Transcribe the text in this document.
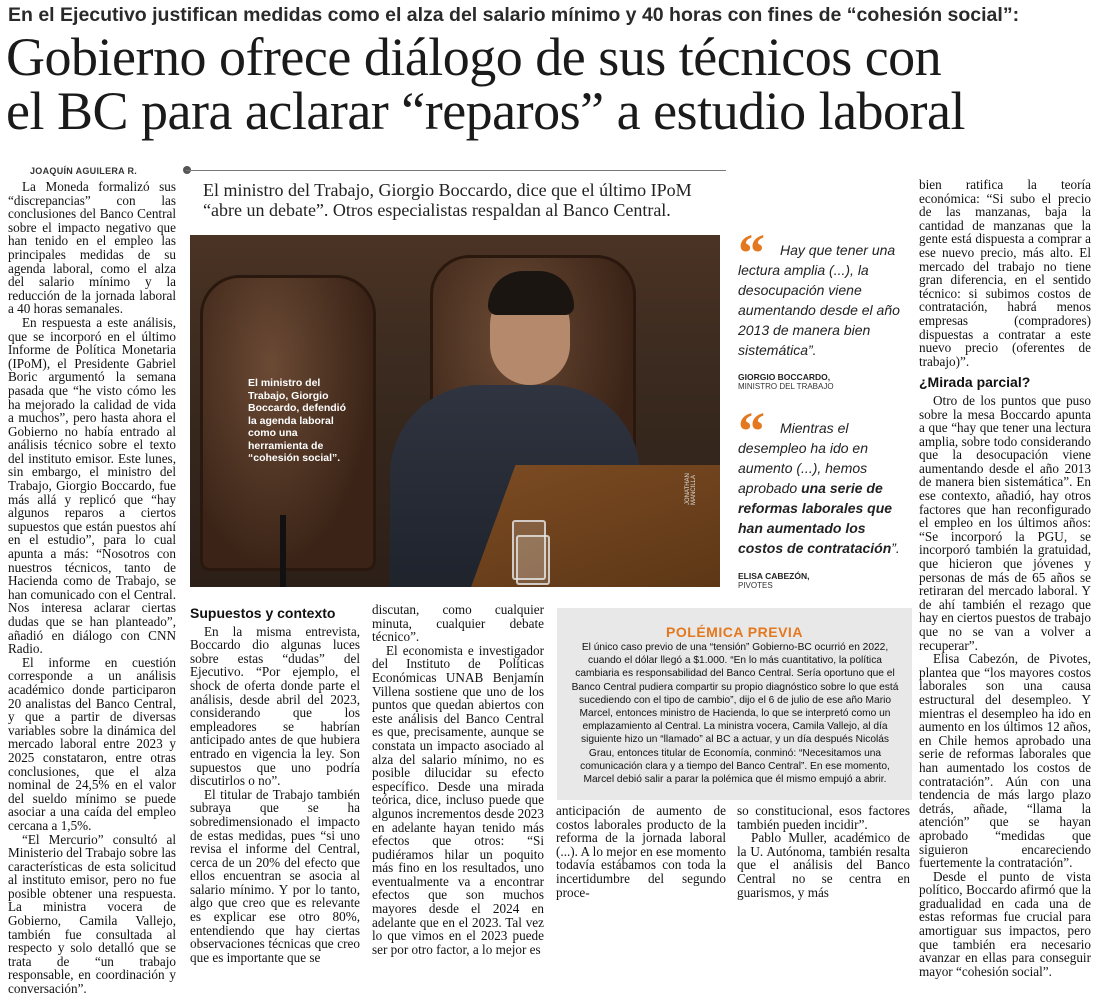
En el Ejecutivo justifican medidas como el alza del salario mínimo y 40 horas con fines de “cohesión social”:
Gobierno ofrece diálogo de sus técnicos con
el BC para aclarar “reparos” a estudio laboral
JOAQUÍN AGUILERA R.
El ministro del Trabajo, Giorgio Boccardo, dice que el último IPoM “abre un debate”. Otros especialistas respaldan al Banco Central.

La Moneda formalizó sus “discrepancias” con las conclusiones del Banco Central sobre el impacto negativo que han tenido en el empleo las principales medidas de su agenda laboral, como el alza del salario mínimo y la reducción de la jornada laboral a 40 horas semanales.

En respuesta a este análisis, que se incorporó en el último Informe de Política Monetaria (IPoM), el Presidente Gabriel Boric argumentó la semana pasada que “he visto cómo les ha mejorado la calidad de vida a muchos”, pero hasta ahora el Gobierno no había entrado al análisis técnico sobre el texto del instituto emisor. Este lunes, sin embargo, el ministro del Trabajo, Giorgio Boccardo, fue más allá y replicó que “hay algunos reparos a ciertos supuestos que están puestos ahí en el estudio”, para lo cual apunta a más: “Nosotros con nuestros técnicos, tanto de Hacienda como de Trabajo, se han comunicado con el Central. Nos interesa aclarar ciertas dudas que se han planteado”, añadió en diálogo con CNN Radio.

El informe en cuestión corresponde a un análisis académico donde participaron 20 analistas del Banco Central, y que a partir de diversas variables sobre la dinámica del mercado laboral entre 2023 y 2025 constataron, entre otras conclusiones, que el alza nominal de 24,5% en el valor del sueldo mínimo se puede asociar a una caída del empleo cercana a 1,5%.

“El Mercurio” consultó al Ministerio del Trabajo sobre las características de esta solicitud al instituto emisor, pero no fue posible obtener una respuesta. La ministra vocera de Gobierno, Camila Vallejo, también fue consultada al respecto y solo detalló que se trata de “un trabajo responsable, en coordinación y conversación”.

El ministro del Trabajo, Giorgio Boccardo, defendió la agenda laboral como una herramienta de “cohesión social”.
JONATHAN MANCILLA
“	Hay que tener una lectura amplia (...), la desocupación viene aumentando desde el año 2013 de manera bien sistemática”.
GIORGIO BOCCARDO,
MINISTRO DEL TRABAJO
“	Mientras el desempleo ha ido en aumento (...), hemos aprobado una serie de reformas laborales que han aumentado los costos de contratación”.
ELISA CABEZÓN,
PIVOTES

Supuestos y contexto

En la misma entrevista, Boccardo dio algunas luces sobre estas “dudas” del Ejecutivo. “Por ejemplo, el shock de oferta donde parte el análisis, desde abril del 2023, considerando que los empleadores se habrían anticipado antes de que hubiera entrado en vigencia la ley. Son supuestos que uno podría discutirlos o no”.

El titular de Trabajo también subraya que se ha sobredimensionado el impacto de estas medidas, pues “si uno revisa el informe del Central, cerca de un 20% del efecto que ellos encuentran se asocia al salario mínimo. Y por lo tanto, algo que creo que es relevante es explicar ese otro 80%, entendiendo que hay ciertas observaciones técnicas que creo que es importante que se

discutan, como cualquier minuta, cualquier debate técnico”.

El economista e investigador del Instituto de Políticas Económicas UNAB Benjamín Villena sostiene que uno de los puntos que quedan abiertos con este análisis del Banco Central es que, precisamente, aunque se constata un impacto asociado al alza del salario mínimo, no es posible dilucidar su efecto específico. Desde una mirada teórica, dice, incluso puede que algunos incrementos desde 2023 en adelante hayan tenido más efectos que otros: “Si pudiéramos hilar un poquito más fino en los resultados, uno eventualmente va a encontrar efectos que son muchos mayores desde el 2024 en adelante que en el 2023. Tal vez lo que vimos en el 2023 puede ser por otro factor, a lo mejor es

POLÉMICA PREVIA
El único caso previo de una “tensión” Gobierno-BC ocurrió en 2022, cuando el dólar llegó a $1.000. “En lo más cuantitativo, la política cambiaria es responsabilidad del Banco Central. Sería oportuno que el Banco Central pudiera compartir su propio diagnóstico sobre lo que está sucediendo con el tipo de cambio”, dijo el 6 de julio de ese año Mario Marcel, entonces ministro de Hacienda, lo que se interpretó como un emplazamiento al Central. La ministra vocera, Camila Vallejo, al día siguiente hizo un “llamado” al BC a actuar, y un día después Nicolás Grau, entonces titular de Economía, conminó: “Necesitamos una comunicación clara y a tiempo del Banco Central”. En ese momento, Marcel debió salir a parar la polémica que él mismo empujó a abrir.

anticipación de aumento de costos laborales producto de la reforma de la jornada laboral (...). A lo mejor en ese momento todavía estábamos con toda la incertidumbre del segundo proce-

so constitucional, esos factores también pueden incidir”.

Pablo Muller, académico de la U. Autónoma, también resalta que el análisis del Banco Central no se centra en guarismos, y más

bien ratifica la teoría económica: “Si subo el precio de las manzanas, baja la cantidad de manzanas que la gente está dispuesta a comprar a ese nuevo precio, más alto. El mercado del trabajo no tiene gran diferencia, en el sentido técnico: si subimos costos de contratación, habrá menos empresas (compradores) dispuestas a contratar a este nuevo precio (oferentes de trabajo)”.

¿Mirada parcial?

Otro de los puntos que puso sobre la mesa Boccardo apunta a que “hay que tener una lectura amplia, sobre todo considerando que la desocupación viene aumentando desde el año 2013 de manera bien sistemática”. En ese contexto, añadió, hay otros factores que han reconfigurado el empleo en los últimos años: “Se incorporó la PGU, se incorporó también la gratuidad, que hicieron que jóvenes y personas de más de 65 años se retiraran del mercado laboral. Y de ahí también el rezago que hay en ciertos puestos de trabajo que no se van a volver a recuperar”.

Elisa Cabezón, de Pivotes, plantea que “los mayores costos laborales son una causa estructural del desempleo. Y mientras el desempleo ha ido en aumento en los últimos 12 años, en Chile hemos aprobado una serie de reformas laborales que han aumentado los costos de contratación”. Aún con una tendencia de más largo plazo detrás, añade, “llama la atención” que se hayan aprobado “medidas que siguieron encareciendo fuertemente la contratación”.

Desde el punto de vista político, Boccardo afirmó que la gradualidad en cada una de estas reformas fue crucial para amortiguar sus impactos, pero que también era necesario avanzar en ellas para conseguir mayor “cohesión social”.
